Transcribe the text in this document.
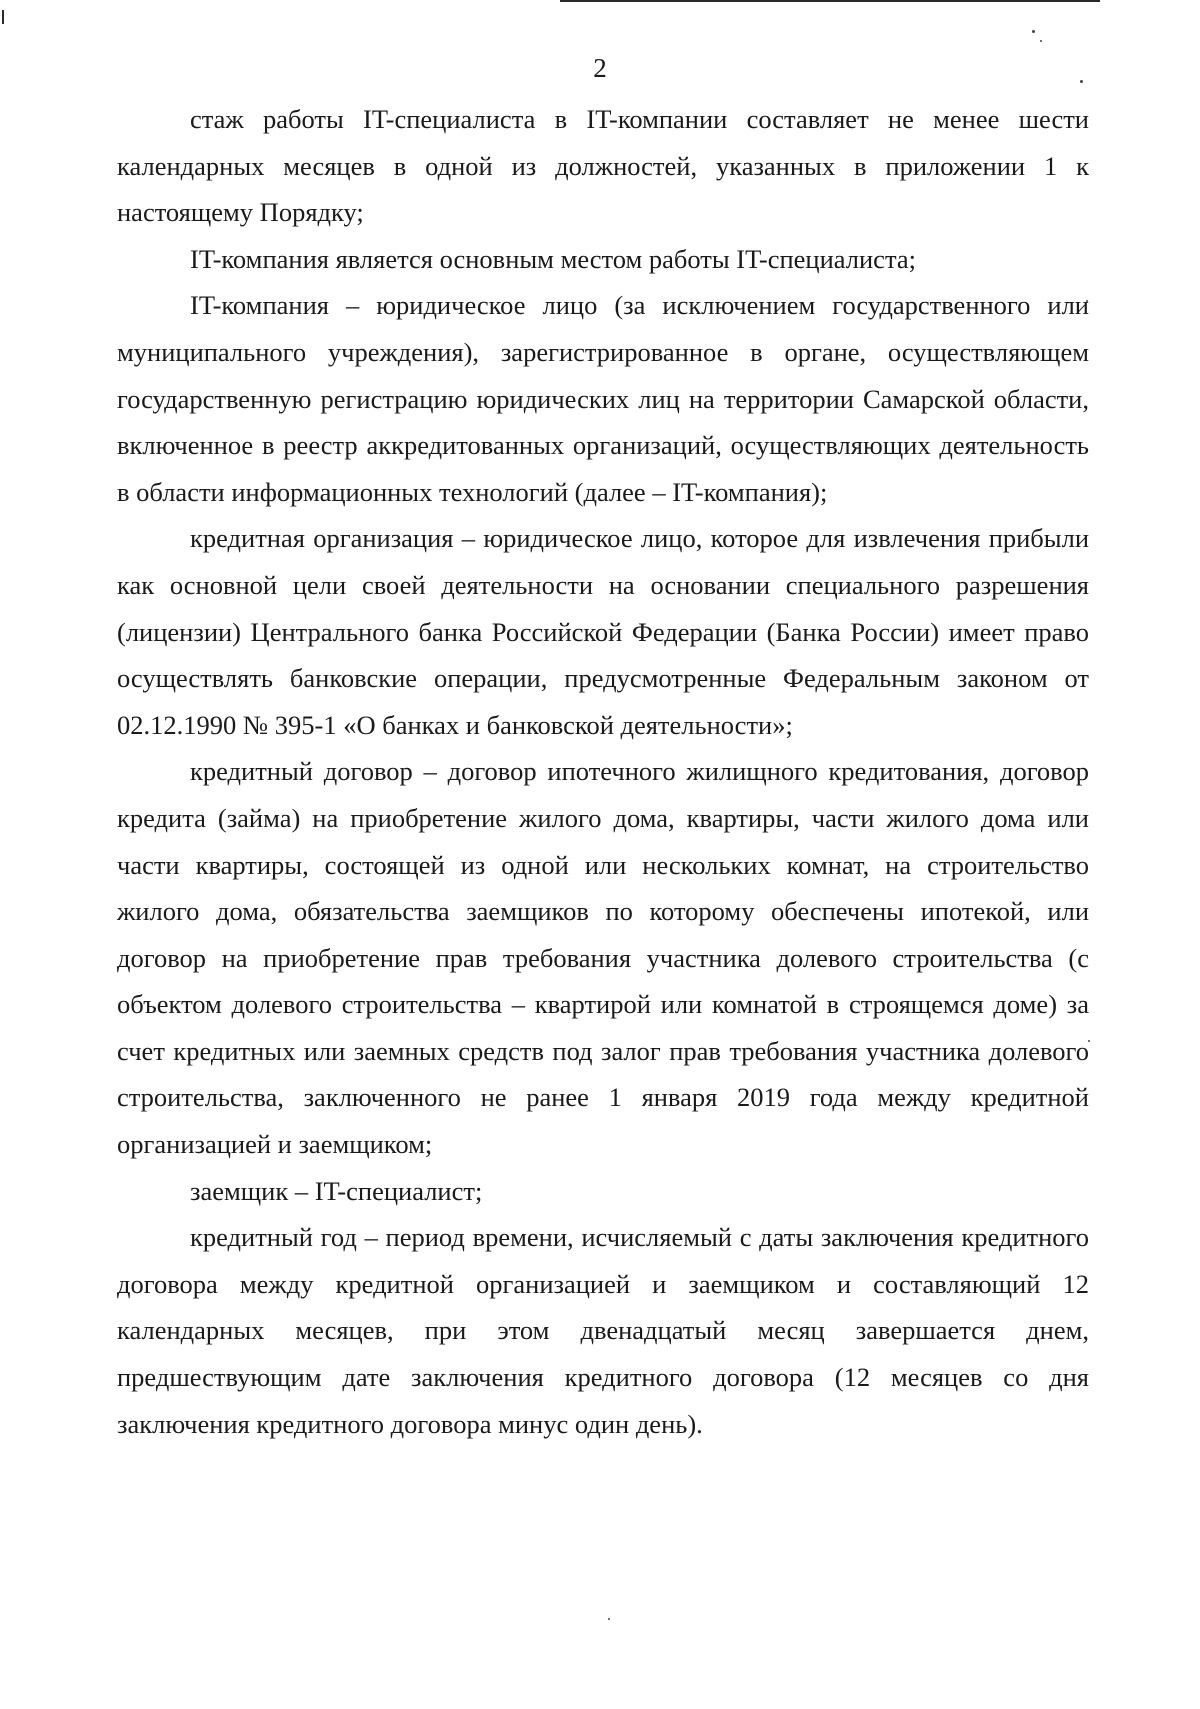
2

стаж работы IT-специалиста в IT-компании составляет не менее шести календарных месяцев в одной из должностей, указанных в приложении 1 к настоящему Порядку;

IT-компания является основным местом работы IT-специалиста;

IT-компания – юридическое лицо (за исключением государственного или муниципального учреждения), зарегистрированное в органе, осуществляющем государственную регистрацию юридических лиц на территории Самарской области, включенное в реестр аккредитованных организаций, осуществляющих деятельность в области информационных технологий (далее – IT-компания);

кредитная организация – юридическое лицо, которое для извлечения прибыли как основной цели своей деятельности на основании специального разрешения (лицензии) Центрального банка Российской Федерации (Банка России) имеет право осуществлять банковские операции, предусмотренные Федеральным законом от 02.12.1990 № 395-1 «О банках и банковской деятельности»;

кредитный договор – договор ипотечного жилищного кредитования, договор кредита (займа) на приобретение жилого дома, квартиры, части жилого дома или части квартиры, состоящей из одной или нескольких комнат, на строительство жилого дома, обязательства заемщиков по которому обеспечены ипотекой, или договор на приобретение прав требования участника долевого строительства (с объектом долевого строительства – квартирой или комнатой в строящемся доме) за счет кредитных или заемных средств под залог прав требования участника долевого строительства, заключенного не ранее 1 января 2019 года между кредитной организацией и заемщиком;

заемщик – IT-специалист;

кредитный год – период времени, исчисляемый с даты заключения кредитного договора между кредитной организацией и заемщиком и составляющий 12 календарных месяцев, при этом двенадцатый месяц завершается днем, предшествующим дате заключения кредитного договора (12 месяцев со дня заключения кредитного договора минус один день).
